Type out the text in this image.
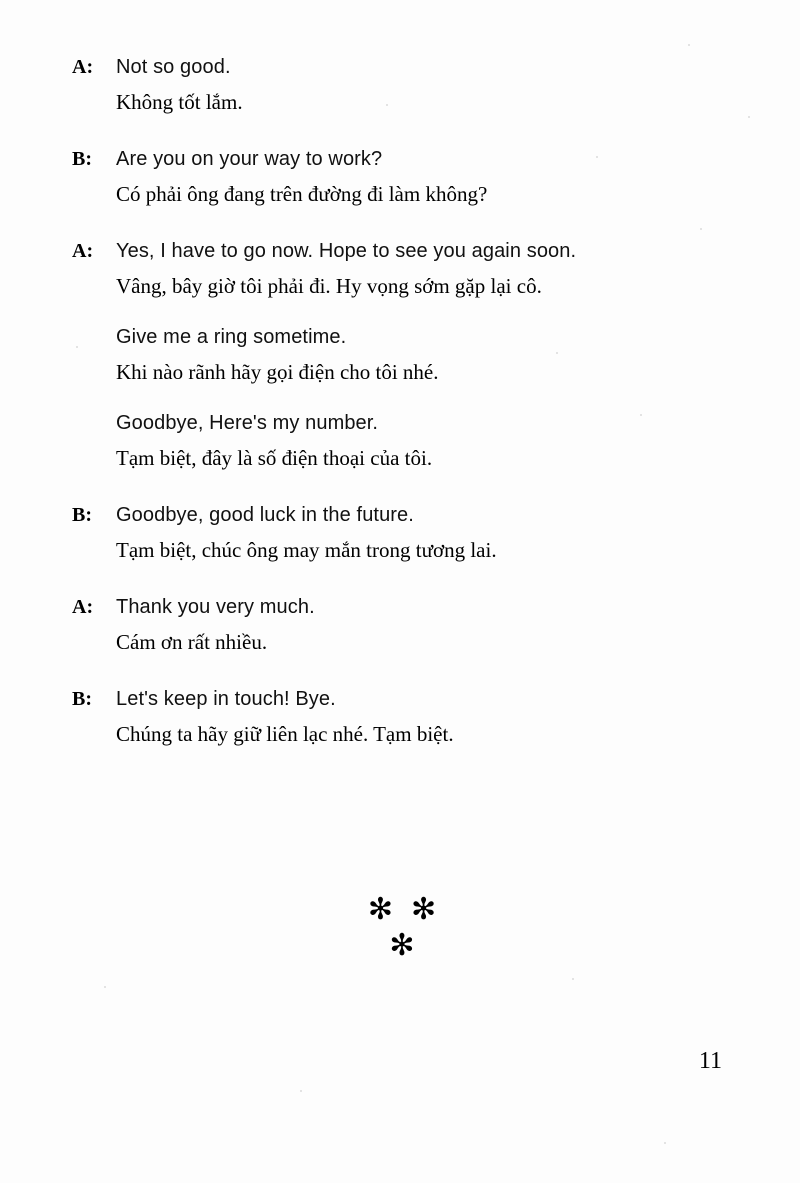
A:	Not so good.
Không tốt lắm.
B:	Are you on your way to work?
Có phải ông đang trên đường đi làm không?
A:	Yes, I have to go now. Hope to see you again soon.
Vâng, bây giờ tôi phải đi. Hy vọng sớm gặp lại cô.
Give me a ring sometime.
Khi nào rãnh hãy gọi điện cho tôi nhé.
Goodbye, Here's my number.
Tạm biệt, đây là số điện thoại của tôi.
B:	Goodbye, good luck in the future.
Tạm biệt, chúc ông may mắn trong tương lai.
A:	Thank you very much.
Cám ơn rất nhiều.
B:	Let's keep in touch! Bye.
Chúng ta hãy giữ liên lạc nhé. Tạm biệt.
✻✻
✻
11
